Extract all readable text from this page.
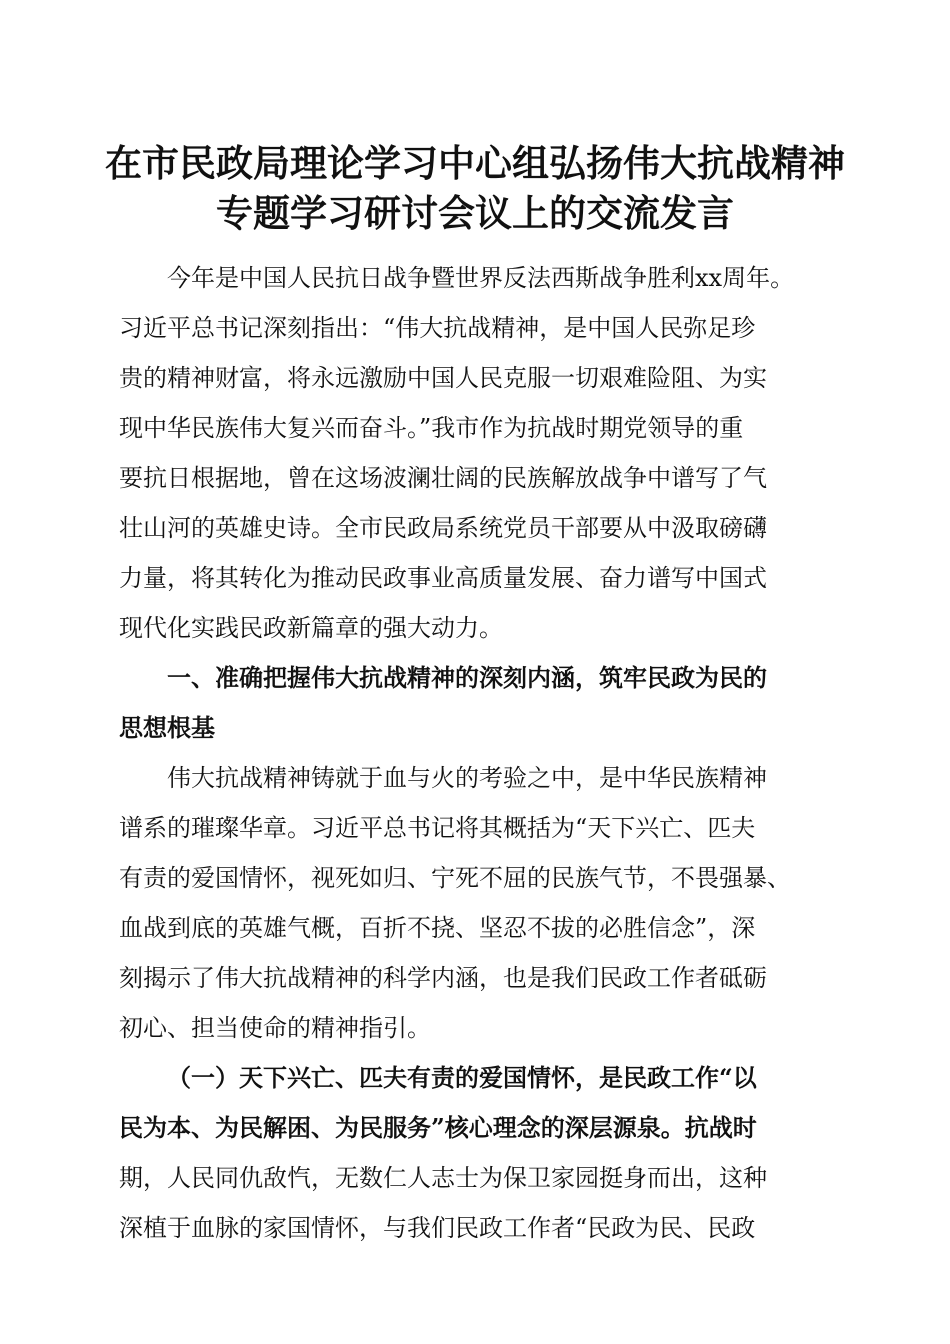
在市民政局理论学习中心组弘扬伟大抗战精神
专题学习研讨会议上的交流发言
今年是中国人民抗日战争暨世界反法西斯战争胜利xx周年。
习近平总书记深刻指出：“伟大抗战精神，是中国人民弥足珍
贵的精神财富，将永远激励中国人民克服一切艰难险阻、为实
现中华民族伟大复兴而奋斗。”我市作为抗战时期党领导的重
要抗日根据地，曾在这场波澜壮阔的民族解放战争中谱写了气
壮山河的英雄史诗。全市民政局系统党员干部要从中汲取磅礴
力量，将其转化为推动民政事业高质量发展、奋力谱写中国式
现代化实践民政新篇章的强大动力。
一、准确把握伟大抗战精神的深刻内涵，筑牢民政为民的
思想根基
伟大抗战精神铸就于血与火的考验之中，是中华民族精神
谱系的璀璨华章。习近平总书记将其概括为“天下兴亡、匹夫
有责的爱国情怀，视死如归、宁死不屈的民族气节，不畏强暴、
血战到底的英雄气概，百折不挠、坚忍不拔的必胜信念”，深
刻揭示了伟大抗战精神的科学内涵，也是我们民政工作者砥砺
初心、担当使命的精神指引。
（一）天下兴亡、匹夫有责的爱国情怀，是民政工作“以
民为本、为民解困、为民服务”核心理念的深层源泉。抗战时
期，人民同仇敌忾，无数仁人志士为保卫家园挺身而出，这种
深植于血脉的家国情怀，与我们民政工作者“民政为民、民政
